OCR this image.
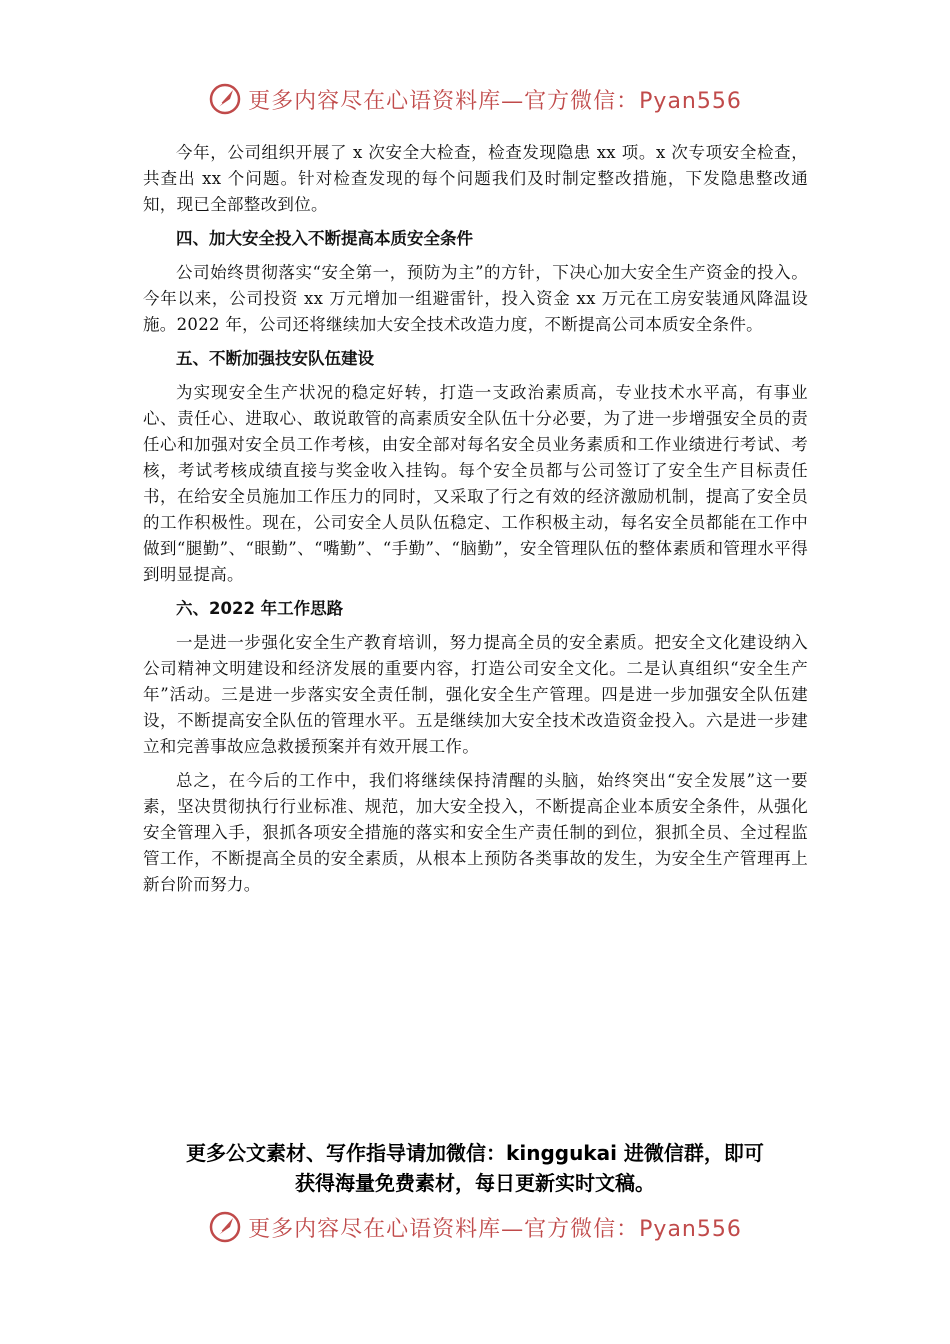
更多内容尽在心语资料库—官方微信：Pyan556

今年，公司组织开展了 x 次安全大检查，检查发现隐患 xx 项。x 次专项安全检查，共查出 xx 个问题。针对检查发现的每个问题我们及时制定整改措施，下发隐患整改通知，现已全部整改到位。

四、加大安全投入不断提高本质安全条件

公司始终贯彻落实“安全第一，预防为主”的方针，下决心加大安全生产资金的投入。今年以来，公司投资 xx 万元增加一组避雷针，投入资金 xx 万元在工房安装通风降温设施。2022 年，公司还将继续加大安全技术改造力度，不断提高公司本质安全条件。

五、不断加强技安队伍建设

为实现安全生产状况的稳定好转，打造一支政治素质高，专业技术水平高，有事业心、责任心、进取心、敢说敢管的高素质安全队伍十分必要，为了进一步增强安全员的责任心和加强对安全员工作考核，由安全部对每名安全员业务素质和工作业绩进行考试、考核，考试考核成绩直接与奖金收入挂钩。每个安全员都与公司签订了安全生产目标责任书，在给安全员施加工作压力的同时，又采取了行之有效的经济激励机制，提高了安全员的工作积极性。现在，公司安全人员队伍稳定、工作积极主动，每名安全员都能在工作中做到“腿勤”、“眼勤”、“嘴勤”、“手勤”、“脑勤”，安全管理队伍的整体素质和管理水平得到明显提高。

六、2022 年工作思路

一是进一步强化安全生产教育培训，努力提高全员的安全素质。把安全文化建设纳入公司精神文明建设和经济发展的重要内容，打造公司安全文化。二是认真组织“安全生产年”活动。三是进一步落实安全责任制，强化安全生产管理。四是进一步加强安全队伍建设，不断提高安全队伍的管理水平。五是继续加大安全技术改造资金投入。六是进一步建立和完善事故应急救援预案并有效开展工作。

总之，在今后的工作中，我们将继续保持清醒的头脑，始终突出“安全发展”这一要素，坚决贯彻执行行业标准、规范，加大安全投入，不断提高企业本质安全条件，从强化安全管理入手，狠抓各项安全措施的落实和安全生产责任制的到位，狠抓全员、全过程监管工作，不断提高全员的安全素质，从根本上预防各类事故的发生，为安全生产管理再上新台阶而努力。

更多公文素材、写作指导请加微信：kinggukai 进微信群，即可
获得海量免费素材，每日更新实时文稿。
更多内容尽在心语资料库—官方微信：Pyan556
